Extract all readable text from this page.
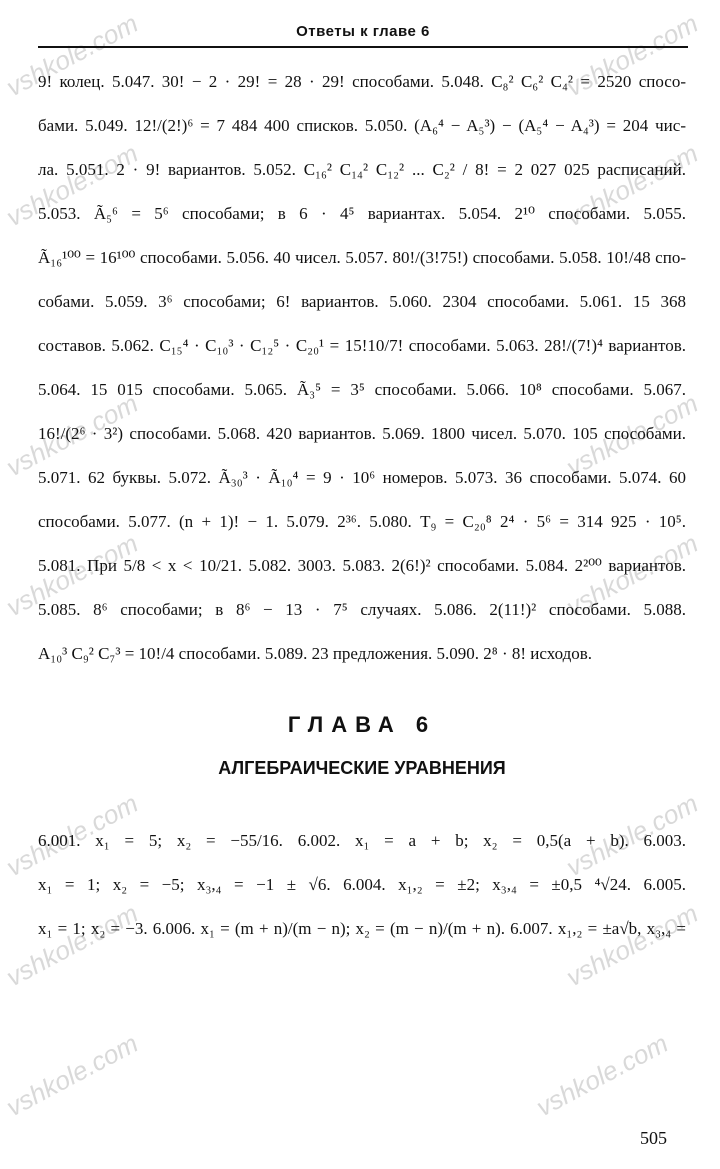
vshkole.com	vshkole.com
vshkole.com	vshkole.com
vshkole.com	vshkole.com
vshkole.com	vshkole.com
vshkole.com	vshkole.com
vshkole.com	vshkole.com
vshkole.com	vshkole.com
Ответы к главе 6
9! колец. 5.047. 30! − 2 · 29! = 28 · 29! способами. 5.048. C₈² C₆² C₄² = 2520 спосо-
бами. 5.049. 12!/(2!)⁶ = 7 484 400 списков. 5.050. (A₆⁴ − A₅³) − (A₅⁴ − A₄³) = 204 чис-
ла. 5.051. 2 · 9! вариантов. 5.052. C₁₆² C₁₄² C₁₂² ... C₂² / 8! = 2 027 025 расписаний.
5.053. Ã₅⁶ = 5⁶ способами; в 6 · 4⁵ вариантах. 5.054. 2¹⁰ способами. 5.055.
Ã₁₆¹⁰⁰ = 16¹⁰⁰ способами. 5.056. 40 чисел. 5.057. 80!/(3!75!) способами. 5.058. 10!/48 спо-
собами. 5.059. 3⁶ способами; 6! вариантов. 5.060. 2304 способами. 5.061. 15 368
составов. 5.062. C₁₅⁴ · C₁₀³ · C₁₂⁵ · C₂₀¹ = 15!10/7! способами. 5.063. 28!/(7!)⁴ вариантов.
5.064. 15 015 способами. 5.065. Ã₃⁵ = 3⁵ способами. 5.066. 10⁸ способами. 5.067.
16!/(2⁶ · 3²) способами. 5.068. 420 вариантов. 5.069. 1800 чисел. 5.070. 105 способами.
5.071. 62 буквы. 5.072. Ã₃₀³ · Ã₁₀⁴ = 9 · 10⁶ номеров. 5.073. 36 способами. 5.074. 60
способами. 5.077. (n + 1)! − 1. 5.079. 2³⁶. 5.080. T₉ = C₂₀⁸ 2⁴ · 5⁶ = 314 925 · 10⁵.
5.081. При 5/8 < x < 10/21. 5.082. 3003. 5.083. 2(6!)² способами. 5.084. 2²⁰⁰ вариантов.
5.085. 8⁶ способами; в 8⁶ − 13 · 7⁵ случаях. 5.086. 2(11!)² способами. 5.088.
A₁₀³ C₉² C₇³ = 10!/4 способами. 5.089. 23 предложения. 5.090. 2⁸ · 8! исходов.
ГЛАВА 6
АЛГЕБРАИЧЕСКИЕ УРАВНЕНИЯ
6.001. x₁ = 5; x₂ = −55/16. 6.002. x₁ = a + b; x₂ = 0,5(a + b). 6.003.
x₁ = 1; x₂ = −5; x₃,₄ = −1 ± √6. 6.004. x₁,₂ = ±2; x₃,₄ = ±0,5 ⁴√24. 6.005.
x₁ = 1; x₂ = −3. 6.006. x₁ = (m + n)/(m − n); x₂ = (m − n)/(m + n). 6.007. x₁,₂ = ±a√b, x₃,₄ =
505
